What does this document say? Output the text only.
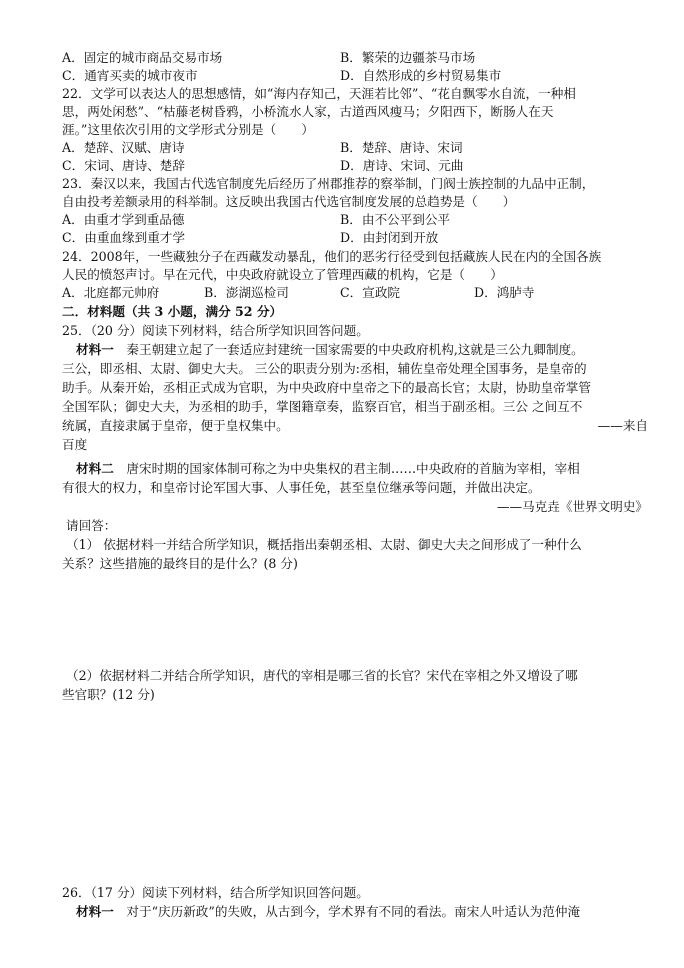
A．固定的城市商品交易市场	B．繁荣的边疆茶马市场
C．通宵买卖的城市夜市	D．自然形成的乡村贸易集市
22．文学可以表达人的思想感情，如“海内存知己，天涯若比邻”、“花自飘零水自流，一种相
思，两处闲愁”、“枯藤老树昏鸦，小桥流水人家，古道西风瘦马；夕阳西下，断肠人在天
涯。”这里依次引用的文学形式分别是（　　）
A．楚辞、汉赋、唐诗	B．楚辞、唐诗、宋词
C．宋词、唐诗、楚辞	D．唐诗、宋词、元曲
23．秦汉以来，我国古代选官制度先后经历了州郡推荐的察举制，门阀士族控制的九品中正制，
自由投考差额录用的科举制。这反映出我国古代选官制度发展的总趋势是（　　）
A．由重才学到重品德	B．由不公平到公平
C．由重血缘到重才学	D．由封闭到开放
24．2008年，一些藏独分子在西藏发动暴乱，他们的恶劣行径受到包括藏族人民在内的全国各族
人民的愤怒声讨。早在元代，中央政府就设立了管理西藏的机构，它是（　　）
A．北庭都元帅府	B．澎湖巡检司	C．宣政院	D．鸿胪寺
二．材料题（共 3 小题，满分 52 分）
25．（20 分）阅读下列材料，结合所学知识回答问题。
材料一　 秦王朝建立起了一套适应封建统一国家需要的中央政府机构,这就是三公九卿制度。
三公，即丞相、太尉、御史大夫。 三公的职责分别为:丞相，辅佐皇帝处理全国事务，是皇帝的
助手。从秦开始，丞相正式成为官职，为中央政府中皇帝之下的最高长官；太尉，协助皇帝掌管
全国军队；御史大夫，为丞相的助手，掌图籍章奏，监察百官，相当于副丞相。三公 之间互不
统属，直接隶属于皇帝，便于皇权集中。	——来自
百度
材料二　 唐宋时期的国家体制可称之为中央集权的君主制……中央政府的首脑为宰相，宰相
有很大的权力，和皇帝讨论军国大事、人事任免，甚至皇位继承等问题，并做出决定。
——马克垚《世界文明史》
请回答：
（1） 依据材料一并结合所学知识，概括指出秦朝丞相、太尉、御史大夫之间形成了一种什么
关系？这些措施的最终目的是什么？(8 分)
（2）依据材料二并结合所学知识，唐代的宰相是哪三省的长官？宋代在宰相之外又增设了哪
些官职？(12 分)
26．（17 分）阅读下列材料，结合所学知识回答问题。
材料一　 对于“庆历新政”的失败，从古到今，学术界有不同的看法。南宋人叶适认为范仲淹
